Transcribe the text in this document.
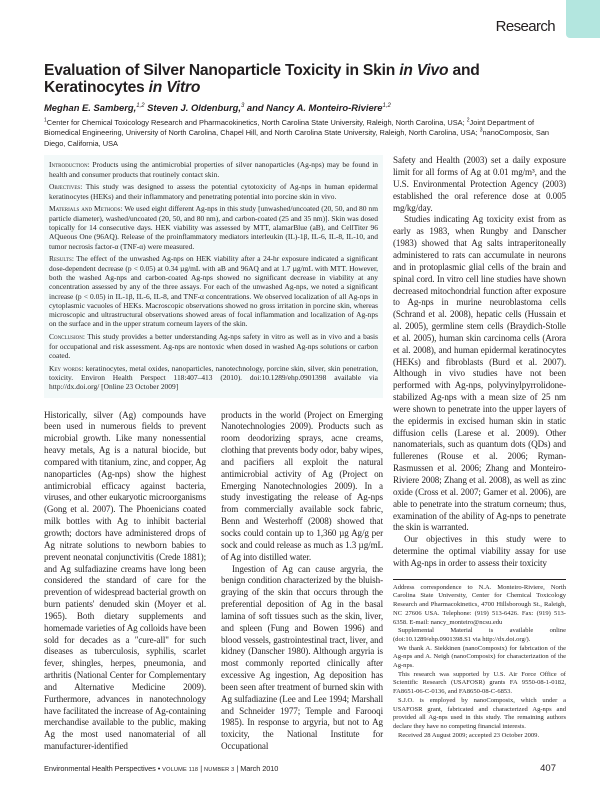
Research
Evaluation of Silver Nanoparticle Toxicity in Skin in Vivo and Keratinocytes in Vitro
Meghan E. Samberg,$^{1,2}$ Steven J. Oldenburg,$^3$ and Nancy A. Monteiro-Riviere$^{1,2}$
$^1$Center for Chemical Toxicology Research and Pharmacokinetics, North Carolina State University, Raleigh, North Carolina, USA; $^2$Joint Department of Biomedical Engineering, University of North Carolina, Chapel Hill, and North Carolina State University, Raleigh, North Carolina, USA; $^3$nanoComposix, San Diego, California, USA

Introduction: Products using the antimicrobial properties of silver nanoparticles (Ag-nps) may be found in health and consumer products that routinely contact skin.

Objectives: This study was designed to assess the potential cytotoxicity of Ag-nps in human epidermal keratinocytes (HEKs) and their inflammatory and penetrating potential into porcine skin in vivo.

Materials and Methods: We used eight different Ag-nps in this study [unwashed/uncoated (20, 50, and 80 nm particle diameter), washed/uncoated (20, 50, and 80 nm), and carbon-coated (25 and 35 nm)]. Skin was dosed topically for 14 consecutive days. HEK viability was assessed by MTT, alamarBlue (aB), and CellTiter 96 AQueous One (96AQ). Release of the proinflammatory mediators interleukin (IL)-1β, IL-6, IL-8, IL-10, and tumor necrosis factor-α (TNF-α) were measured.

Results: The effect of the unwashed Ag-nps on HEK viability after a 24-hr exposure indicated a significant dose-dependent decrease (p < 0.05) at 0.34 µg/mL with aB and 96AQ and at 1.7 µg/mL with MTT. However, both the washed Ag-nps and carbon-coated Ag-nps showed no significant decrease in viability at any concentration assessed by any of the three assays. For each of the unwashed Ag-nps, we noted a significant increase (p < 0.05) in IL-1β, IL-6, IL-8, and TNF-α concentrations. We observed localization of all Ag-nps in cytoplasmic vacuoles of HEKs. Macroscopic observations showed no gross irritation in porcine skin, whereas microscopic and ultrastructural observations showed areas of focal inflammation and localization of Ag-nps on the surface and in the upper stratum corneum layers of the skin.

Conclusion: This study provides a better understanding Ag-nps safety in vitro as well as in vivo and a basis for occupational and risk assessment. Ag-nps are nontoxic when dosed in washed Ag-nps solutions or carbon coated.

Key words: keratinocytes, metal oxides, nanoparticles, nanotechnology, porcine skin, silver, skin penetration, toxicity. Environ Health Perspect 118:407–413 (2010). doi:10.1289/ehp.0901398 available via http://dx.doi.org/ [Online 23 October 2009]

Historically, silver (Ag) compounds have been used in numerous fields to prevent microbial growth. Like many nonessential heavy metals, Ag is a natural biocide, but compared with titanium, zinc, and copper, Ag nanoparticles (Ag-nps) show the highest antimicrobial efficacy against bacteria, viruses, and other eukaryotic microorganisms (Gong et al. 2007). The Phoenicians coated milk bottles with Ag to inhibit bacterial growth; doctors have administered drops of Ag nitrate solutions to newborn babies to prevent neonatal conjunctivitis (Crede 1881); and Ag sulfadiazine creams have long been considered the standard of care for the prevention of widespread bacterial growth on burn patients' denuded skin (Moyer et al. 1965). Both dietary supplements and homemade varieties of Ag colloids have been sold for decades as a "cure-all" for such diseases as tuberculosis, syphilis, scarlet fever, shingles, herpes, pneumonia, and arthritis (National Center for Complementary and Alternative Medicine 2009). Furthermore, advances in nanotechnology have facilitated the increase of Ag-containing merchandise available to the public, making Ag the most used nanomaterial of all manufacturer-identified

products in the world (Project on Emerging Nanotechnologies 2009). Products such as room deodorizing sprays, acne creams, clothing that prevents body odor, baby wipes, and pacifiers all exploit the natural antimicrobial activity of Ag (Project on Emerging Nanotechnologies 2009). In a study investigating the release of Ag-nps from commercially available sock fabric, Benn and Westerhoff (2008) showed that socks could contain up to 1,360 µg Ag/g per sock and could release as much as 1.3 µg/mL of Ag into distilled water.

Ingestion of Ag can cause argyria, the benign condition characterized by the bluish-graying of the skin that occurs through the preferential deposition of Ag in the basal lamina of soft tissues such as the skin, liver, and spleen (Fung and Bowen 1996) and blood vessels, gastrointestinal tract, liver, and kidney (Danscher 1980). Although argyria is most commonly reported clinically after excessive Ag ingestion, Ag deposition has been seen after treatment of burned skin with Ag sulfadiazine (Lee and Lee 1994; Marshall and Schneider 1977; Temple and Farooqi 1985). In response to argyria, but not to Ag toxicity, the National Institute for Occupational

Safety and Health (2003) set a daily exposure limit for all forms of Ag at 0.01 mg/m³, and the U.S. Environmental Protection Agency (2003) established the oral reference dose at 0.005 mg/kg/day.

Studies indicating Ag toxicity exist from as early as 1983, when Rungby and Danscher (1983) showed that Ag salts intraperitoneally administered to rats can accumulate in neurons and in protoplasmic glial cells of the brain and spinal cord. In vitro cell line studies have shown decreased mitochondrial function after exposure to Ag-nps in murine neuroblastoma cells (Schrand et al. 2008), hepatic cells (Hussain et al. 2005), germline stem cells (Braydich-Stolle et al. 2005), human skin carcinoma cells (Arora et al. 2008), and human epidermal keratinocytes (HEKs) and fibroblasts (Burd et al. 2007). Although in vivo studies have not been performed with Ag-nps, polyvinylpyrrolidone-stabilized Ag-nps with a mean size of 25 nm were shown to penetrate into the upper layers of the epidermis in excised human skin in static diffusion cells (Larese et al. 2009). Other nanomaterials, such as quantum dots (QDs) and fullerenes (Rouse et al. 2006; Ryman-Rasmussen et al. 2006; Zhang and Monteiro-Riviere 2008; Zhang et al. 2008), as well as zinc oxide (Cross et al. 2007; Gamer et al. 2006), are able to penetrate into the stratum corneum; thus, examination of the ability of Ag-nps to penetrate the skin is warranted.

Our objectives in this study were to determine the optimal viability assay for use with Ag-nps in order to assess their toxicity

Address correspondence to N.A. Monteiro-Riviere, North Carolina State University, Center for Chemical Toxicology Research and Pharmacokinetics, 4700 Hillsborough St., Raleigh, NC 27606 USA. Telephone: (919) 513-6426. Fax: (919) 513-6358. E-mail: nancy_monteiro@ncsu.edu

Supplemental Material is available online (doi:10.1289/ehp.0901398.S1 via http://dx.doi.org/).

We thank A. Siekkinen (nanoComposix) for fabrication of the Ag-nps and A. Neigh (nanoComposix) for characterization of the Ag-nps.

This research was supported by U.S. Air Force Office of Scientific Research (USAFOSR) grants FA 9550-08-1-0182, FA8651-06-C-0136, and FA8650-08-C-6853.

S.J.O. is employed by nanoComposix, which under a USAFOSR grant, fabricated and characterized Ag-nps and provided all Ag-nps used in this study. The remaining authors declare they have no competing financial interests.

Received 28 August 2009; accepted 23 October 2009.

Environmental Health Perspectives • VOLUME 118 | NUMBER 3 | March 2010	407
